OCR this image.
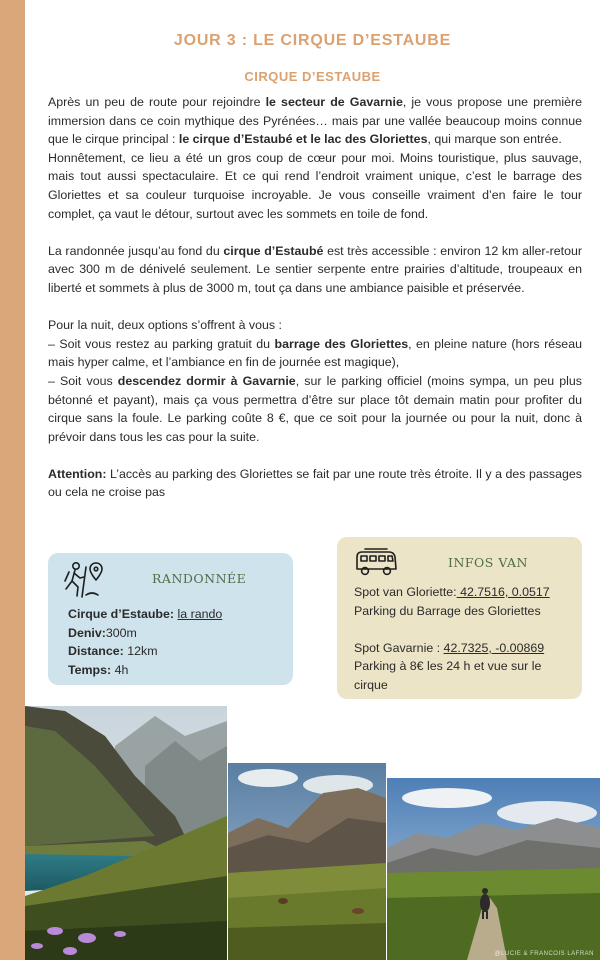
JOUR 3 : LE CIRQUE D’ESTAUBE
CIRQUE D’ESTAUBE

Après un peu de route pour rejoindre le secteur de Gavarnie, je vous propose une première immersion dans ce coin mythique des Pyrénées… mais par une vallée beaucoup moins connue que le cirque principal : le cirque d’Estaubé et le lac des Gloriettes, qui marque son entrée.

Honnêtement, ce lieu a été un gros coup de cœur pour moi. Moins touristique, plus sauvage, mais tout aussi spectaculaire. Et ce qui rend l’endroit vraiment unique, c’est le barrage des Gloriettes et sa couleur turquoise incroyable. Je vous conseille vraiment d’en faire le tour complet, ça vaut le détour, surtout avec les sommets en toile de fond.

La randonnée jusqu’au fond du cirque d’Estaubé est très accessible : environ 12 km aller-retour avec 300 m de dénivelé seulement. Le sentier serpente entre prairies d’altitude, troupeaux en liberté et sommets à plus de 3000 m, tout ça dans une ambiance paisible et préservée.

Pour la nuit, deux options s’offrent à vous :

– Soit vous restez au parking gratuit du barrage des Gloriettes, en pleine nature (hors réseau mais hyper calme, et l’ambiance en fin de journée est magique),

– Soit vous descendez dormir à Gavarnie, sur le parking officiel (moins sympa, un peu plus bétonné et payant), mais ça vous permettra d’être sur place tôt demain matin pour profiter du cirque sans la foule. Le parking coûte 8 €, que ce soit pour la journée ou pour la nuit, donc à prévoir dans tous les cas pour la suite.

Attention: L’accès au parking des Gloriettes se fait par une route très étroite. Il y a des passages ou cela ne croise pas

RANDONNÉE
Cirque d’Estaube: la rando
Deniv:300m
Distance: 12km
Temps: 4h
INFOS VAN
Spot van Gloriette: 42.7516, 0.0517
Parking du Barrage des Gloriettes
Spot Gavarnie : 42.7325, -0.00869
Parking à 8€ les 24 h et vue sur le cirque
@LUCIE & FRANCOIS LAFRAN
